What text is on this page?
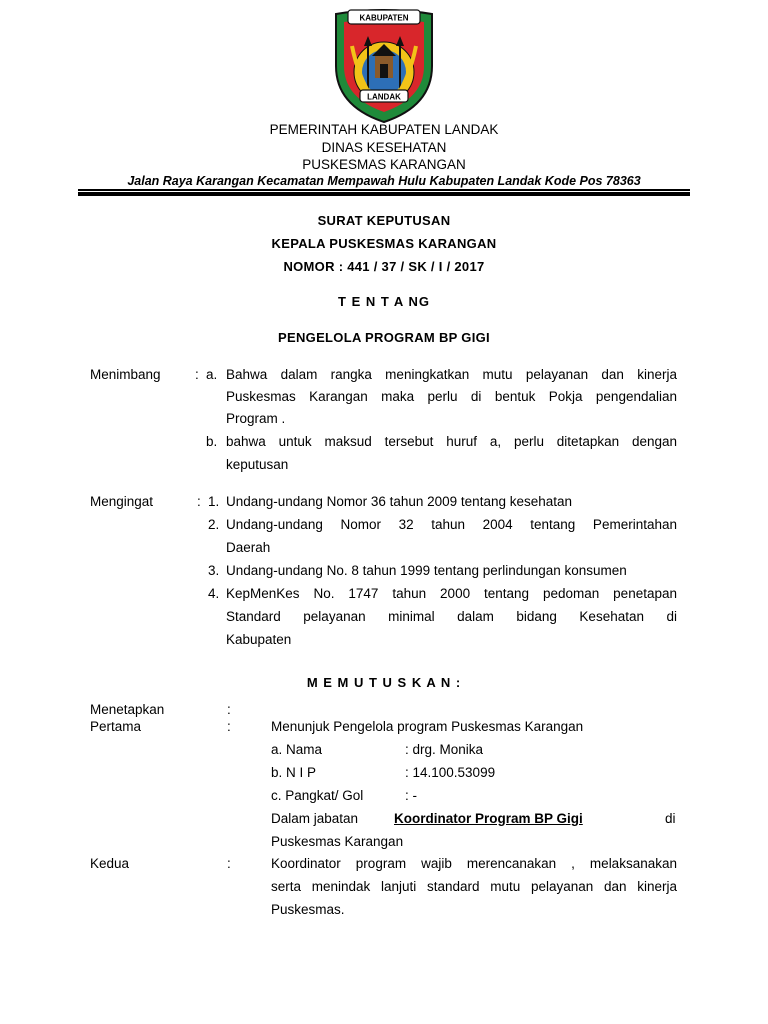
KABUPATEN
LANDAK
PEMERINTAH KABUPATEN LANDAK
DINAS KESEHATAN
PUSKESMAS KARANGAN
Jalan Raya Karangan Kecamatan Mempawah Hulu Kabupaten Landak Kode Pos 78363
SURAT KEPUTUSAN
KEPALA PUSKESMAS KARANGAN
NOMOR : 441 / 37 / SK / I / 2017
T E N T A NG
PENGELOLA PROGRAM BP GIGI
Menimbang	: a. Bahwa dalam rangka meningkatkan mutu pelayanan dan kinerja
Puskesmas Karangan maka perlu di bentuk Pokja pengendalian
Program .
b. bahwa untuk maksud tersebut huruf a, perlu ditetapkan dengan
keputusan
Mengingat	: 1. Undang-undang Nomor 36 tahun 2009 tentang kesehatan
2. Undang-undang Nomor 32 tahun 2004 tentang Pemerintahan
Daerah
3. Undang-undang No. 8 tahun 1999 tentang perlindungan konsumen
4. KepMenKes No. 1747 tahun 2000 tentang pedoman penetapan
Standard pelayanan minimal dalam bidang Kesehatan di
Kabupaten
M E M U T U S K A N :
Menetapkan	:
Pertama	:	Menunjuk Pengelola program Puskesmas Karangan
a. Nama	: drg. Monika
b. N I P	: 14.100.53099
c. Pangkat/ Gol	: -
Dalam jabatan	Koordinator Program BP Gigi	di
Puskesmas Karangan
Kedua	:	Koordinator program wajib merencanakan , melaksanakan
serta menindak lanjuti standard mutu pelayanan dan kinerja
Puskesmas.
